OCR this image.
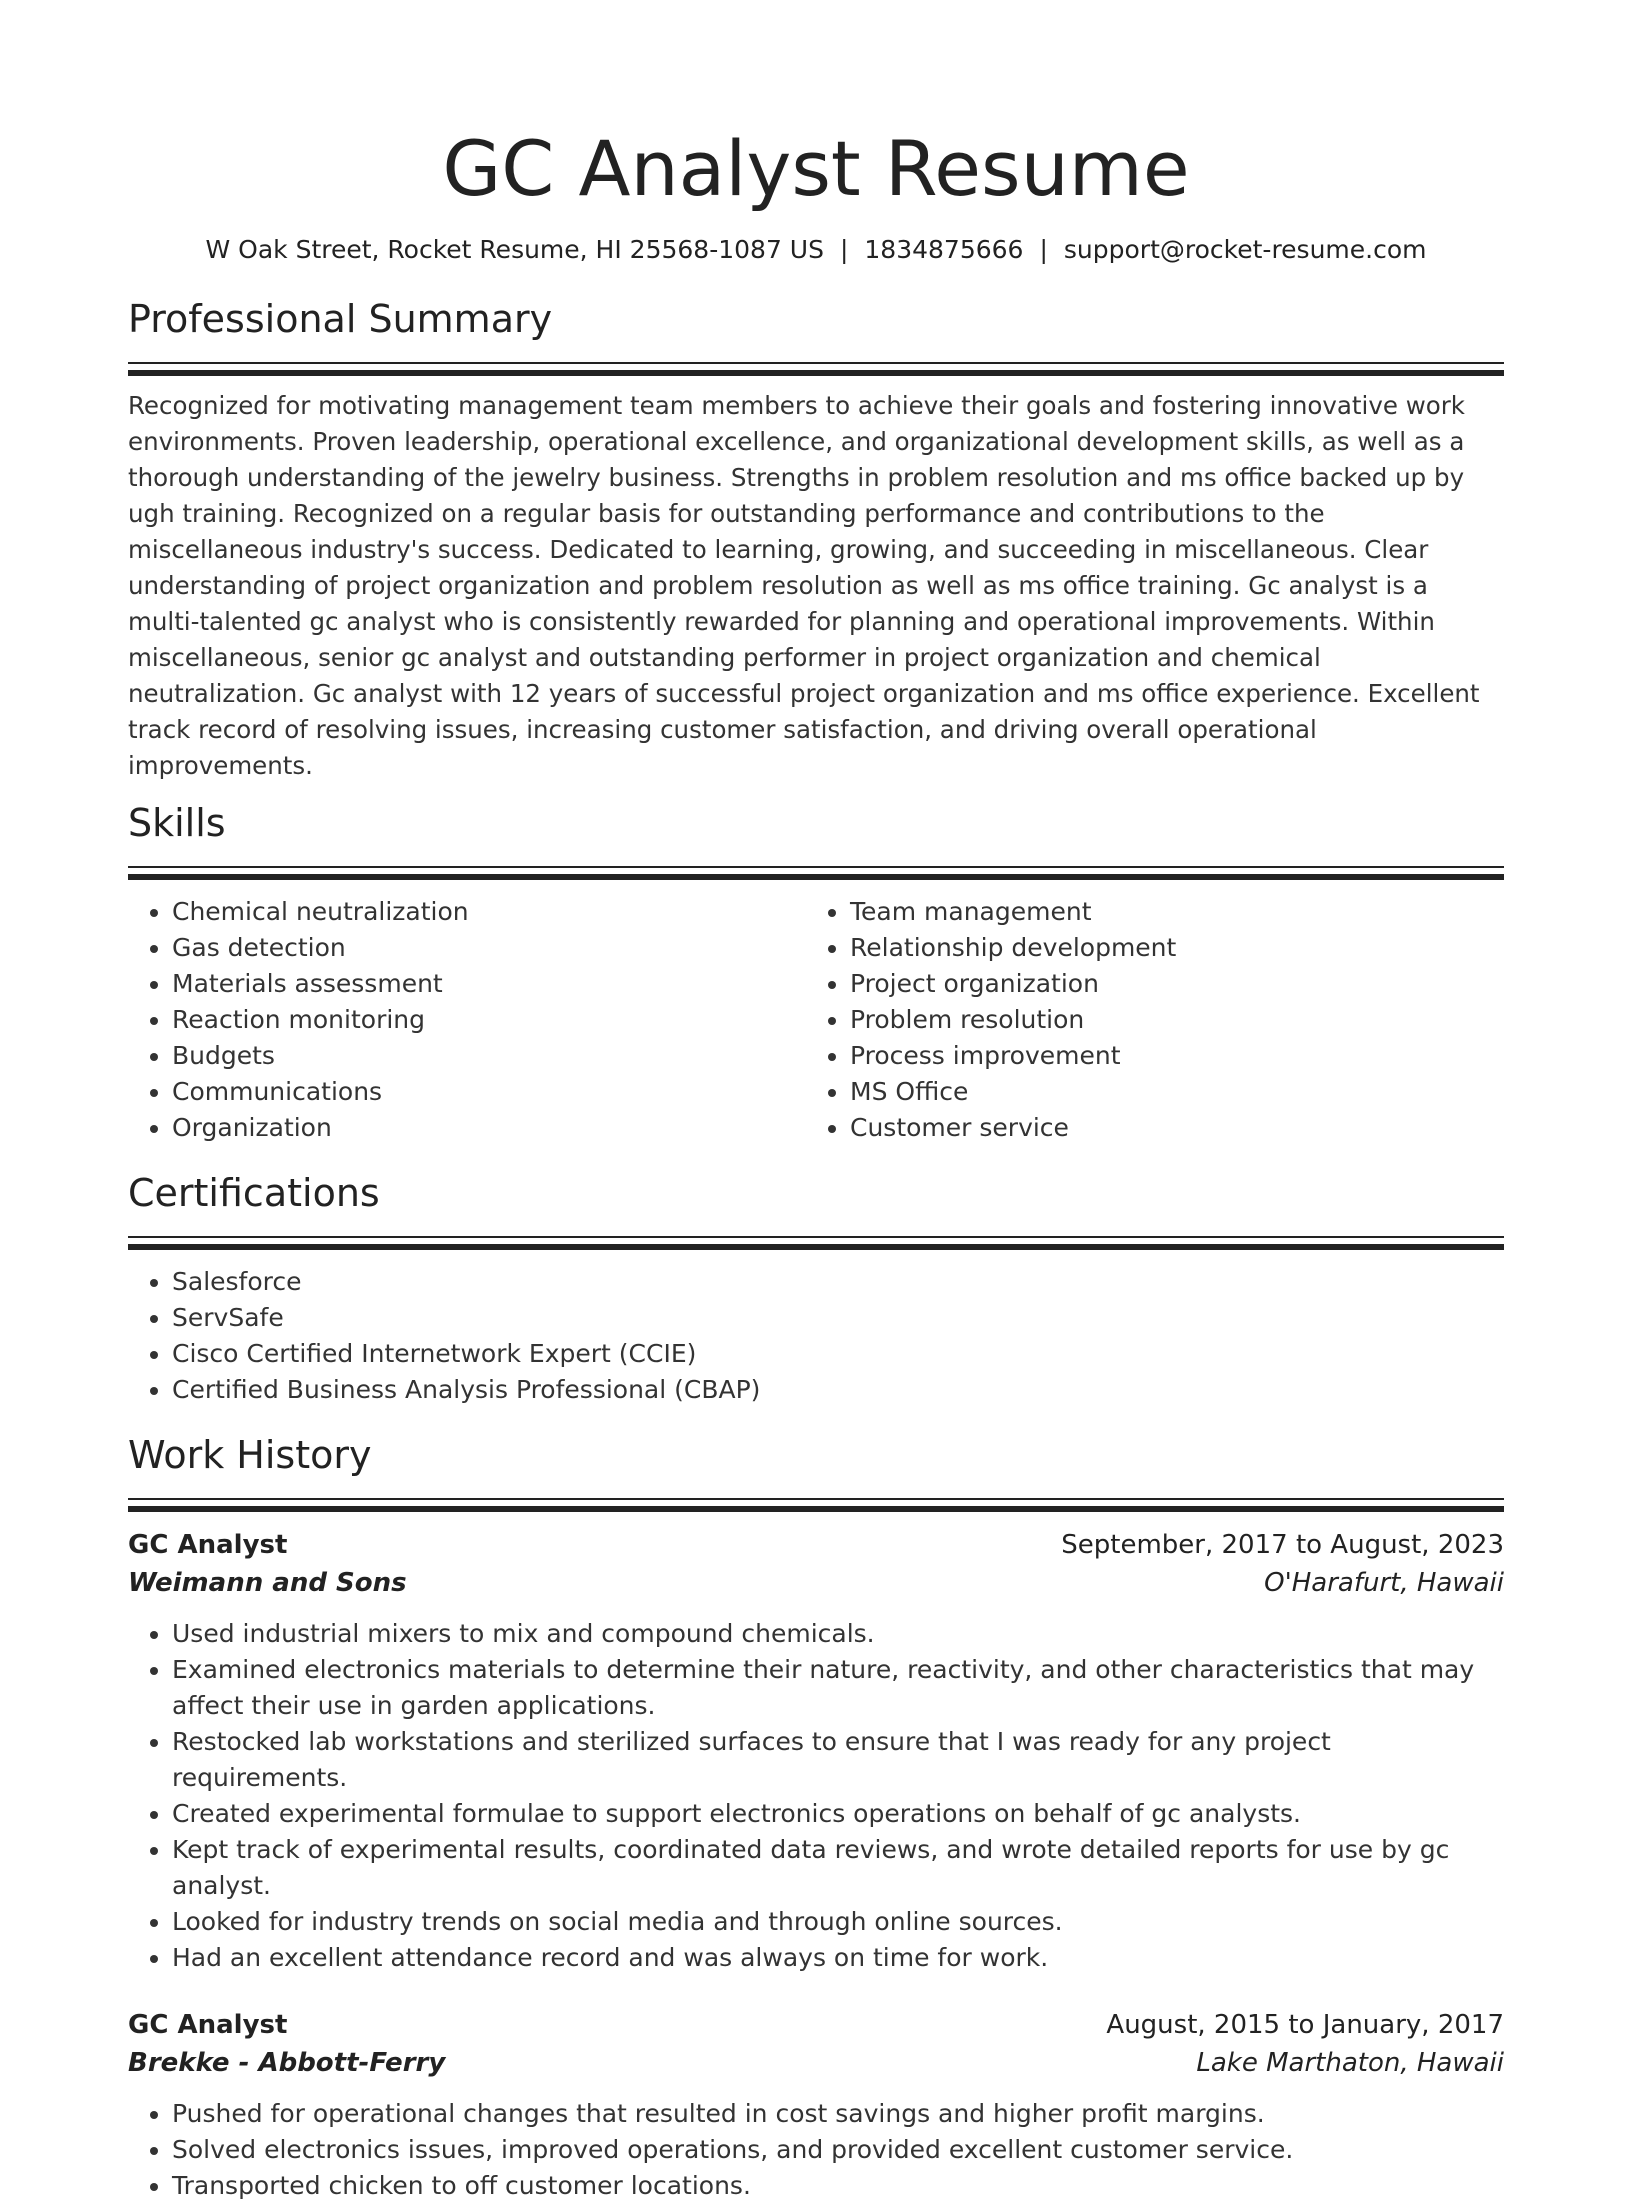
GC Analyst Resume
W Oak Street, Rocket Resume, HI 25568-1087 US | 1834875666 | support@rocket-resume.com
Professional Summary

Recognized for motivating management team members to achieve their goals and fostering innovative work environments. Proven leadership, operational excellence, and organizational development skills, as well as a thorough understanding of the jewelry business. Strengths in problem resolution and ms office backed up by ugh training. Recognized on a regular basis for outstanding performance and contributions to the miscellaneous industry's success. Dedicated to learning, growing, and succeeding in miscellaneous. Clear understanding of project organization and problem resolution as well as ms office training. Gc analyst is a multi-talented gc analyst who is consistently rewarded for planning and operational improvements. Within miscellaneous, senior gc analyst and outstanding performer in project organization and chemical neutralization. Gc analyst with 12 years of successful project organization and ms office experience. Excellent track record of resolving issues, increasing customer satisfaction, and driving overall operational improvements.

Skills
• Chemical neutralization
• Gas detection
• Materials assessment
• Reaction monitoring
• Budgets
• Communications
• Organization
• Team management
• Relationship development
• Project organization
• Problem resolution
• Process improvement
• MS Office
• Customer service
Certifications
• Salesforce
• ServSafe
• Cisco Certified Internetwork Expert (CCIE)
• Certified Business Analysis Professional (CBAP)
Work History
GC Analyst	September, 2017 to August, 2023
Weimann and Sons	O'Harafurt, Hawaii
• Used industrial mixers to mix and compound chemicals.
• Examined electronics materials to determine their nature, reactivity, and other characteristics that may affect their use in garden applications.
• Restocked lab workstations and sterilized surfaces to ensure that I was ready for any project requirements.
• Created experimental formulae to support electronics operations on behalf of gc analysts.
• Kept track of experimental results, coordinated data reviews, and wrote detailed reports for use by gc analyst.
• Looked for industry trends on social media and through online sources.
• Had an excellent attendance record and was always on time for work.
GC Analyst	August, 2015 to January, 2017
Brekke - Abbott-Ferry	Lake Marthaton, Hawaii
• Pushed for operational changes that resulted in cost savings and higher profit margins.
• Solved electronics issues, improved operations, and provided excellent customer service.
• Transported chicken to off customer locations.
